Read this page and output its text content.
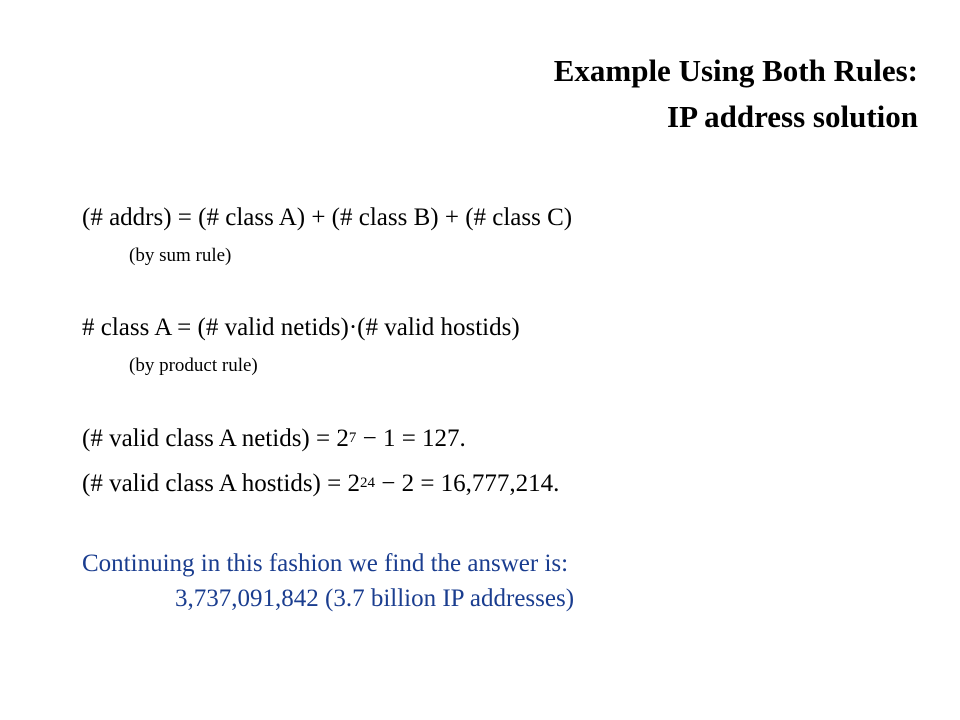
Example Using Both Rules:
IP address solution
(# addrs) = (# class A) + (# class B) + (# class C)
(by sum rule)
# class A = (# valid netids)·(# valid hostids)
(by product rule)
(# valid class A netids) = $2^7 - 1 = 127$.
(# valid class A hostids) = $2^{24} - 2 = 16,777,214$.
Continuing in this fashion we find the answer is:
3,737,091,842 (3.7 billion IP addresses)
